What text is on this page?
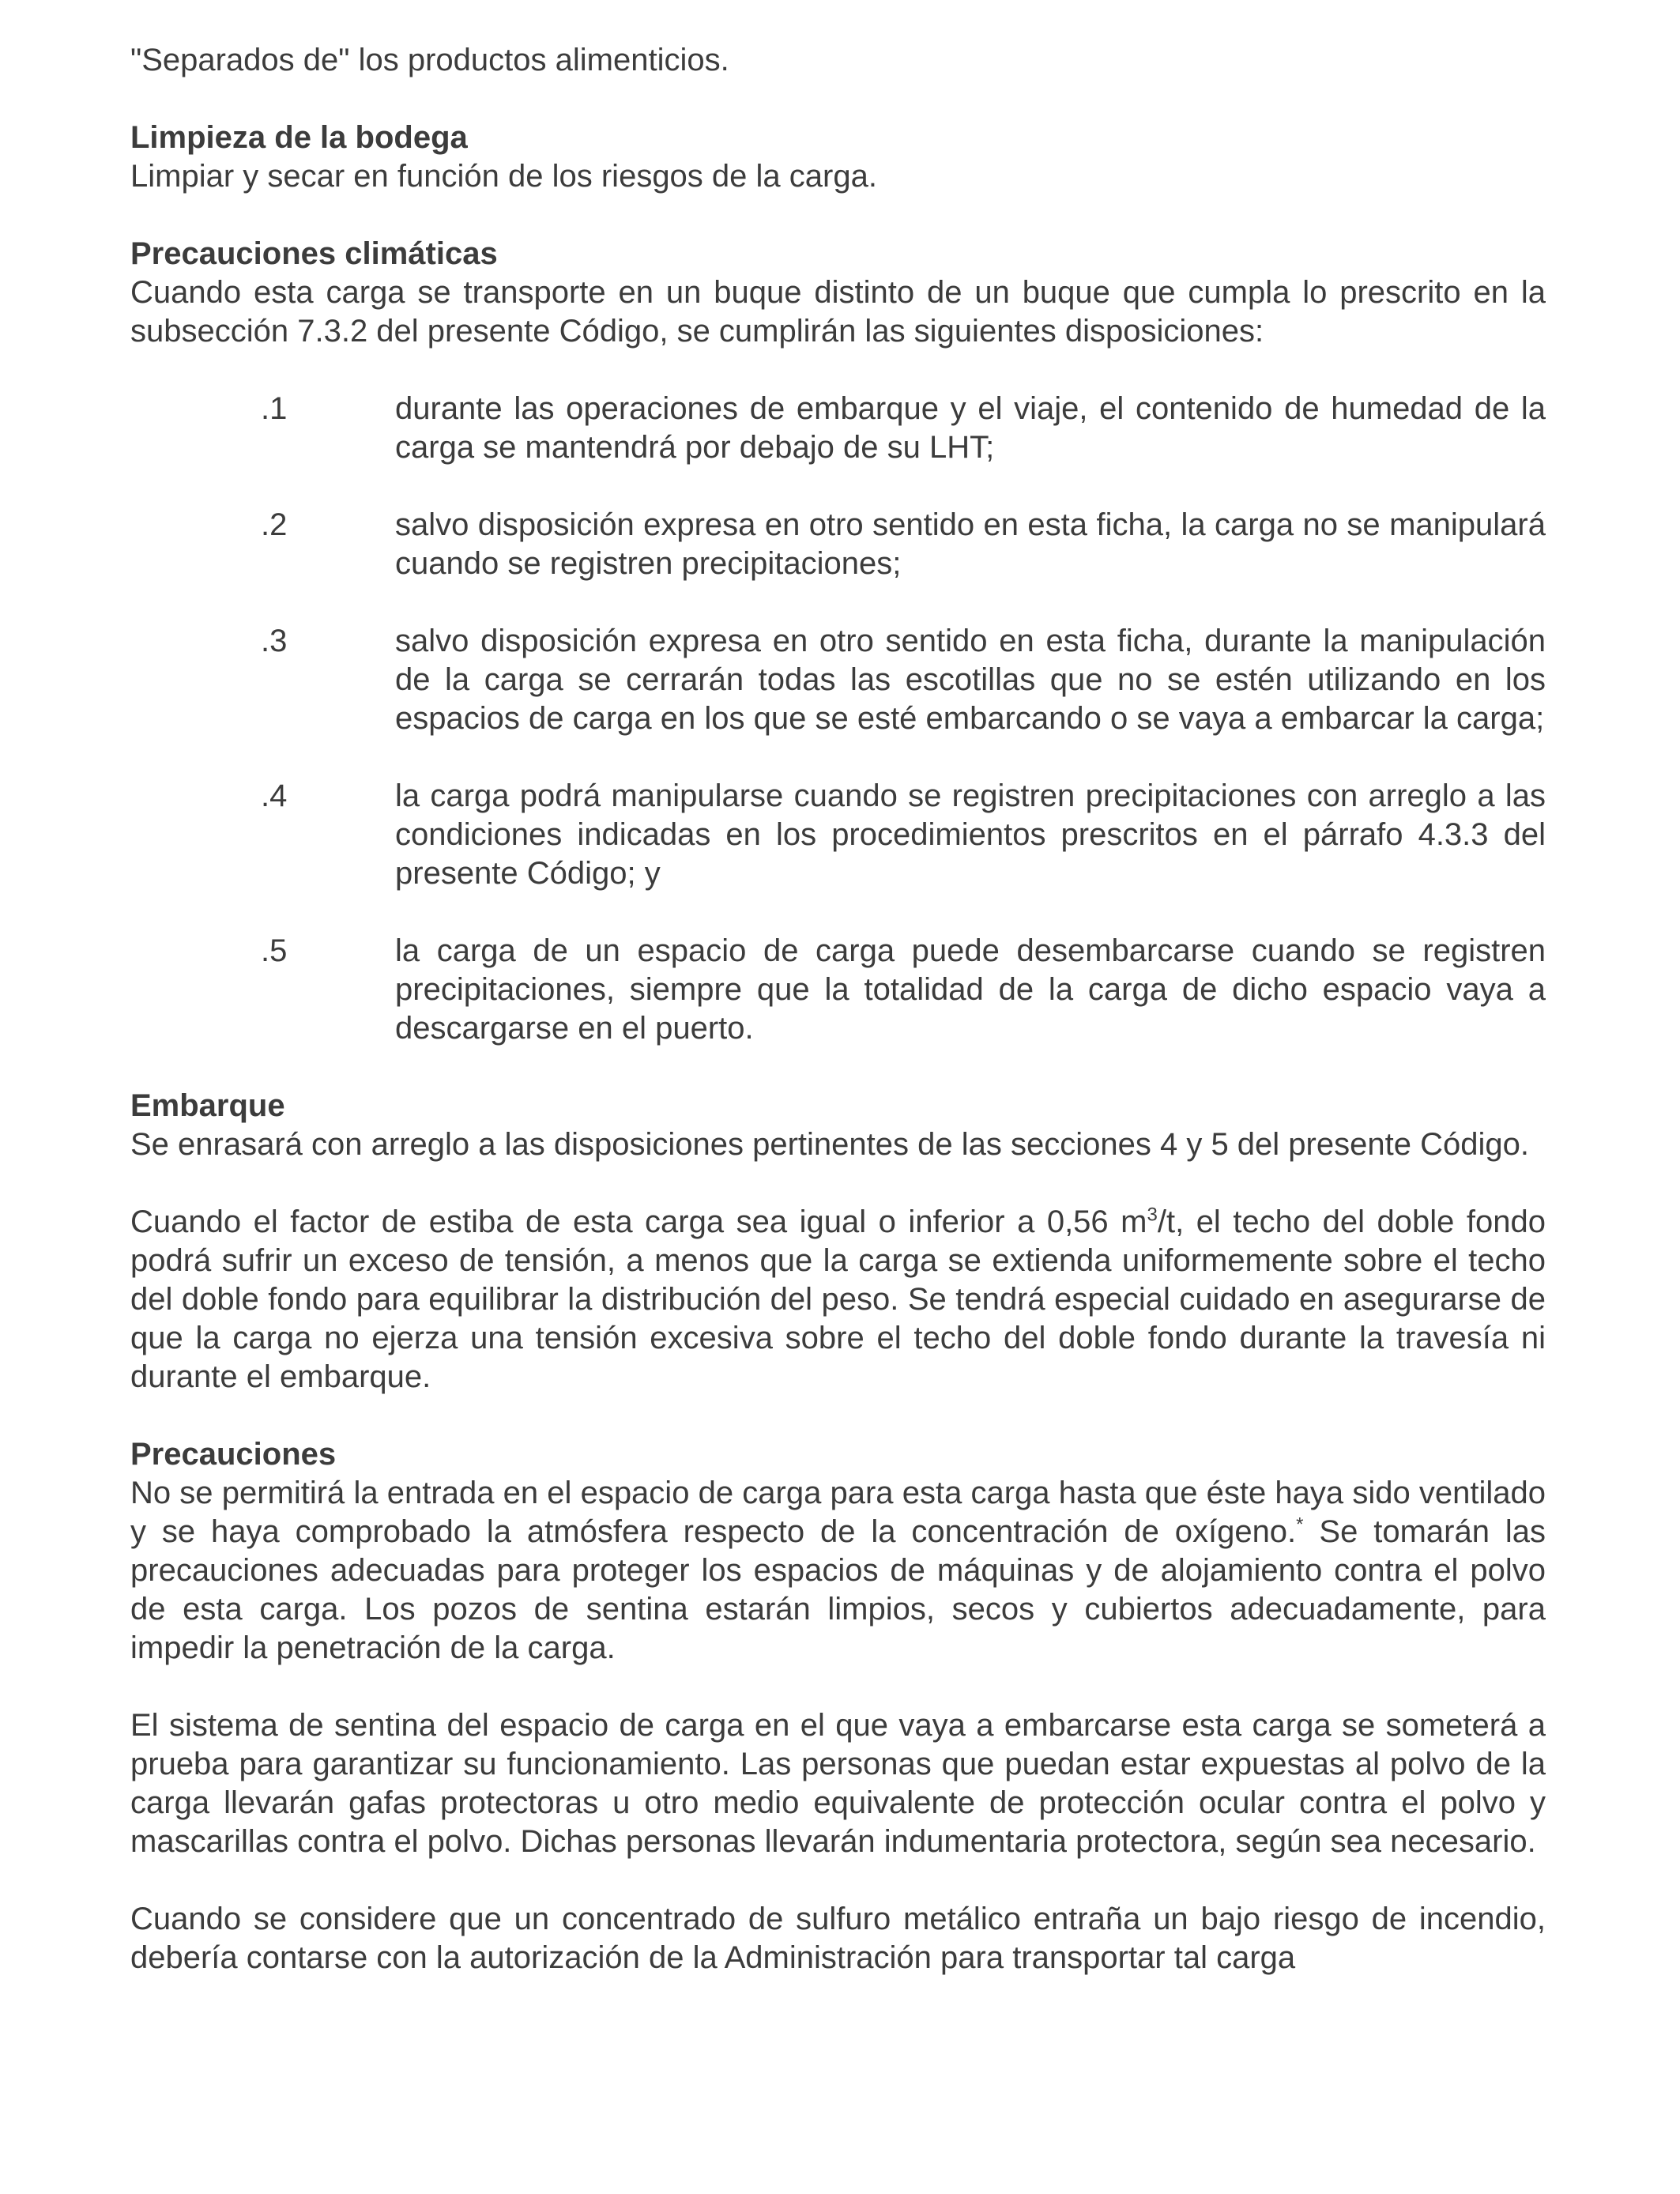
"Separados de" los productos alimenticios.

Limpieza de la bodega

Limpiar y secar en función de los riesgos de la carga.

Precauciones climáticas

Cuando esta carga se transporte en un buque distinto de un buque que cumpla lo prescrito en la subsección 7.3.2 del presente Código, se cumplirán las siguientes disposiciones:

.1	durante las operaciones de embarque y el viaje, el contenido de humedad de la carga se mantendrá por debajo de su LHT;
.2	salvo disposición expresa en otro sentido en esta ficha, la carga no se manipulará cuando se registren precipitaciones;
.3	salvo disposición expresa en otro sentido en esta ficha, durante la manipulación de la carga se cerrarán todas las escotillas que no se estén utilizando en los espacios de carga en los que se esté embarcando o se vaya a embarcar la carga;
.4	la carga podrá manipularse cuando se registren precipitaciones con arreglo a las condiciones indicadas en los procedimientos prescritos en el párrafo 4.3.3 del presente Código; y
.5	la carga de un espacio de carga puede desembarcarse cuando se registren precipitaciones, siempre que la totalidad de la carga de dicho espacio vaya a descargarse en el puerto.

Embarque

Se enrasará con arreglo a las disposiciones pertinentes de las secciones 4 y 5 del presente Código.

Cuando el factor de estiba de esta carga sea igual o inferior a 0,56 $m^3/t$, el techo del doble fondo podrá sufrir un exceso de tensión, a menos que la carga se extienda uniformemente sobre el techo del doble fondo para equilibrar la distribución del peso. Se tendrá especial cuidado en asegurarse de que la carga no ejerza una tensión excesiva sobre el techo del doble fondo durante la travesía ni durante el embarque.

Precauciones

No se permitirá la entrada en el espacio de carga para esta carga hasta que éste haya sido ventilado y se haya comprobado la atmósfera respecto de la concentración de oxígeno.* Se tomarán las precauciones adecuadas para proteger los espacios de máquinas y de alojamiento contra el polvo de esta carga. Los pozos de sentina estarán limpios, secos y cubiertos adecuadamente, para impedir la penetración de la carga.

El sistema de sentina del espacio de carga en el que vaya a embarcarse esta carga se someterá a prueba para garantizar su funcionamiento. Las personas que puedan estar expuestas al polvo de la carga llevarán gafas protectoras u otro medio equivalente de protección ocular contra el polvo y mascarillas contra el polvo. Dichas personas llevarán indumentaria protectora, según sea necesario.

Cuando se considere que un concentrado de sulfuro metálico entraña un bajo riesgo de incendio, debería contarse con la autorización de la Administración para transportar tal carga
